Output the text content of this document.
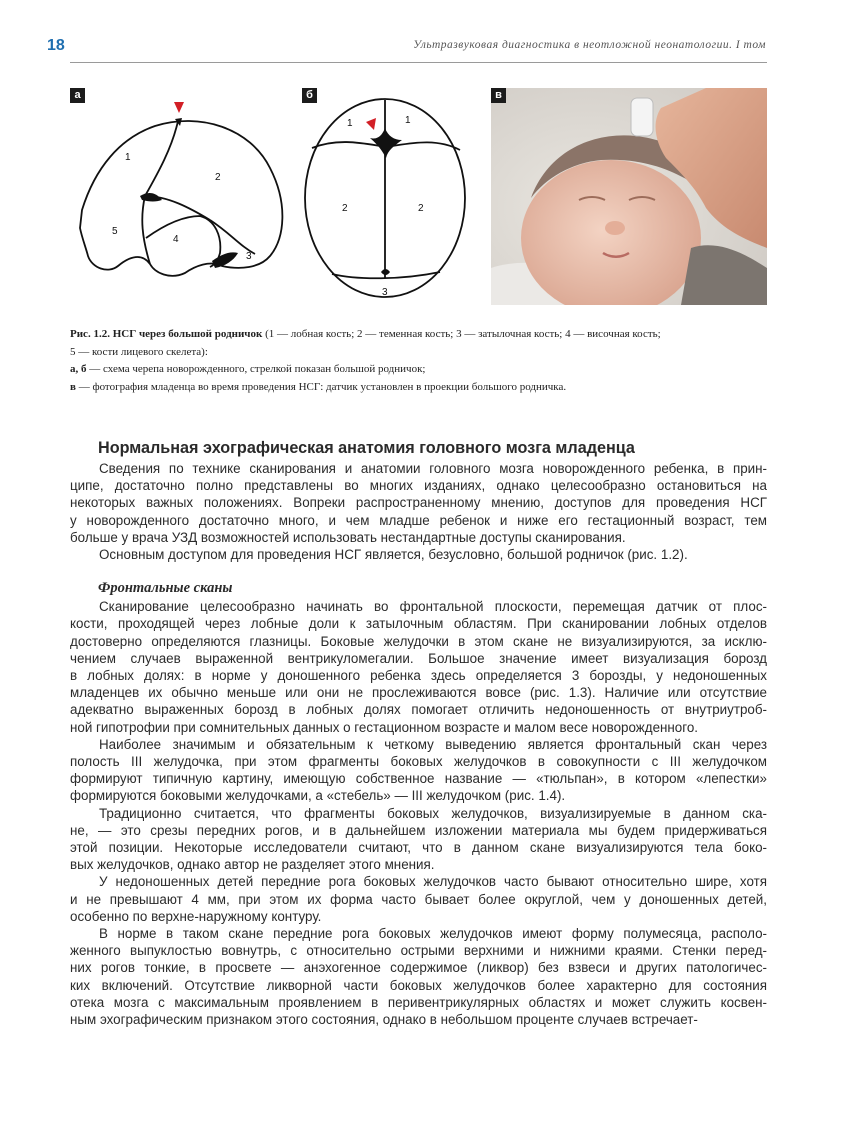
18	Ультразвуковая диагностика в неотложной неонатологии. I том
а
1
2
3
4
5
б
1	1
2	2
3
в

Рис. 1.2. НСГ через большой родничок (1 — лобная кость; 2 — теменная кость; 3 — затылочная кость; 4 — височная кость;

5 — кости лицевого скелета):

а, б — схема черепа новорожденного, стрелкой показан большой родничок;

в — фотография младенца во время проведения НСГ: датчик установлен в проекции большого родничка.

Нормальная эхографическая анатомия головного мозга младенца

Сведения по технике сканирования и анатомии головного мозга новорожденного ребенка, в прин-
ципе, достаточно полно представлены во многих изданиях, однако целесообразно остановиться на
некоторых важных положениях. Вопреки распространенному мнению, доступов для проведения НСГ
у новорожденного достаточно много, и чем младше ребенок и ниже его гестационный возраст, тем
больше у врача УЗД возможностей использовать нестандартные доступы сканирования.

Основным доступом для проведения НСГ является, безусловно, большой родничок (рис. 1.2).

Фронтальные сканы

Сканирование целесообразно начинать во фронтальной плоскости, перемещая датчик от плос-
кости, проходящей через лобные доли к затылочным областям. При сканировании лобных отделов
достоверно определяются глазницы. Боковые желудочки в этом скане не визуализируются, за исклю-
чением случаев выраженной вентрикуломегалии. Большое значение имеет визуализация борозд
в лобных долях: в норме у доношенного ребенка здесь определяется 3 борозды, у недоношенных
младенцев их обычно меньше или они не прослеживаются вовсе (рис. 1.3). Наличие или отсутствие
адекватно выраженных борозд в лобных долях помогает отличить недоношенность от внутриутроб-
ной гипотрофии при сомнительных данных о гестационном возрасте и малом весе новорожденного.

Наиболее значимым и обязательным к четкому выведению является фронтальный скан через
полость III желудочка, при этом фрагменты боковых желудочков в совокупности с III желудочком
формируют типичную картину, имеющую собственное название — «тюльпан», в котором «лепестки»
формируются боковыми желудочками, а «стебель» — III желудочком (рис. 1.4).

Традиционно считается, что фрагменты боковых желудочков, визуализируемые в данном ска-
не, — это срезы передних рогов, и в дальнейшем изложении материала мы будем придерживаться
этой позиции. Некоторые исследователи считают, что в данном скане визуализируются тела боко-
вых желудочков, однако автор не разделяет этого мнения.

У недоношенных детей передние рога боковых желудочков часто бывают относительно шире, хотя
и не превышают 4 мм, при этом их форма часто бывает более округлой, чем у доношенных детей,
особенно по верхне-наружному контуру.

В норме в таком скане передние рога боковых желудочков имеют форму полумесяца, располо-
женного выпуклостью вовнутрь, с относительно острыми верхними и нижними краями. Стенки перед-
них рогов тонкие, в просвете — анэхогенное содержимое (ликвор) без взвеси и других патологичес-
ких включений. Отсутствие ликворной части боковых желудочков более характерно для состояния
отека мозга с максимальным проявлением в перивентрикулярных областях и может служить косвен-
ным эхографическим признаком этого состояния, однако в небольшом проценте случаев встречает-
